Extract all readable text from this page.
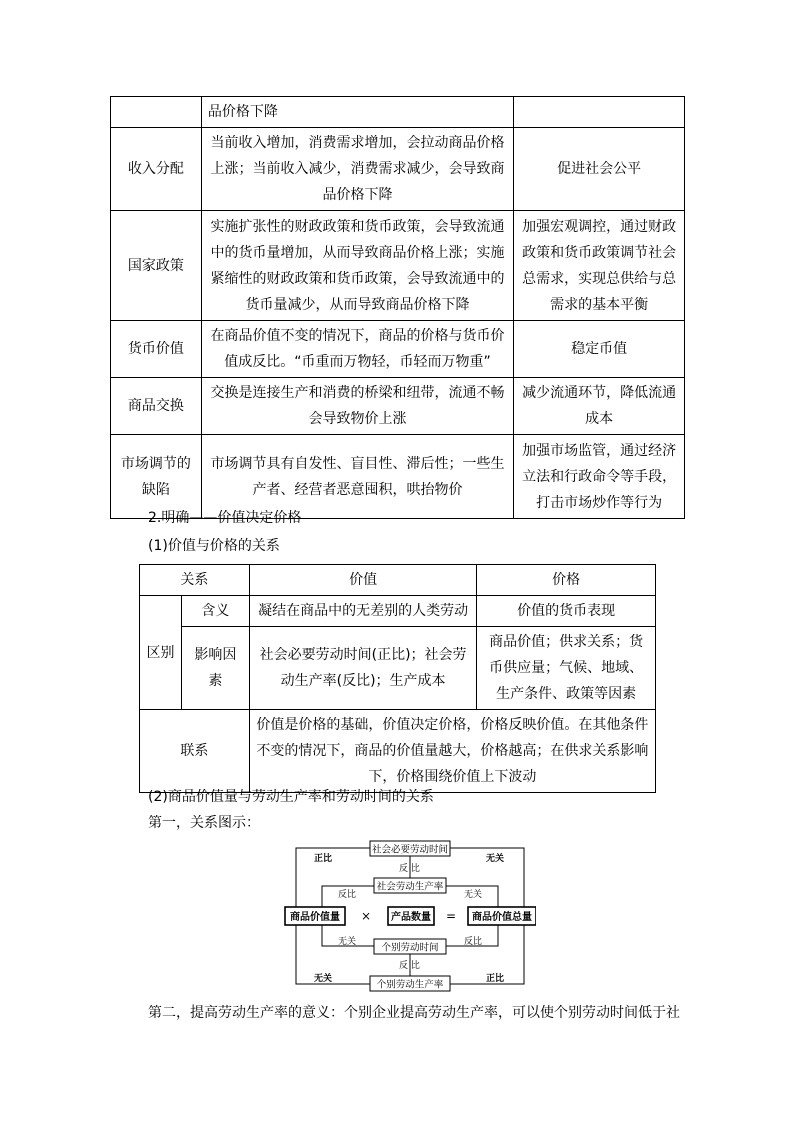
	品价格下降	
收入分配	当前收入增加，消费需求增加，会拉动商品价格上涨；当前收入减少，消费需求减少，会导致商品价格下降	促进社会公平
国家政策	实施扩张性的财政政策和货币政策，会导致流通中的货币量增加，从而导致商品价格上涨；实施紧缩性的财政政策和货币政策，会导致流通中的货币量减少，从而导致商品价格下降	加强宏观调控，通过财政政策和货币政策调节社会总需求，实现总供给与总需求的基本平衡
货币价值	在商品价值不变的情况下，商品的价格与货币价值成反比。“币重而万物轻，币轻而万物重”	稳定币值
商品交换	交换是连接生产和消费的桥梁和纽带，流通不畅会导致物价上涨	减少流通环节，降低流通成本
市场调节的缺陷	市场调节具有自发性、盲目性、滞后性；一些生产者、经营者恶意囤积，哄抬物价	加强市场监管，通过经济立法和行政命令等手段，打击市场炒作等行为
2.明确——价值决定价格
(1)价值与价格的关系
关系		价值	价格
区别	含义	凝结在商品中的无差别的人类劳动	价值的货币表现
	影响因素	社会必要劳动时间(正比)；社会劳动生产率(反比)；生产成本	商品价值；供求关系；货币供应量；气候、地域、生产条件、政策等因素
联系		价值是价格的基础，价值决定价格，价格反映价值。在其他条件不变的情况下，商品的价值量越大，价格越高；在供求关系影响下，价格围绕价值上下波动	
(2)商品价值量与劳动生产率和劳动时间的关系
第一，关系图示：
社会必要劳动时间
社会劳动生产率
个别劳动时间
个别劳动生产率
商品价值量	产品数量	商品价值总量
×	=
正比	无关
反 比
反比	无关
无关	反比
反 比
无关	正比
第二，提高劳动生产率的意义：个别企业提高劳动生产率，可以使个别劳动时间低于社
